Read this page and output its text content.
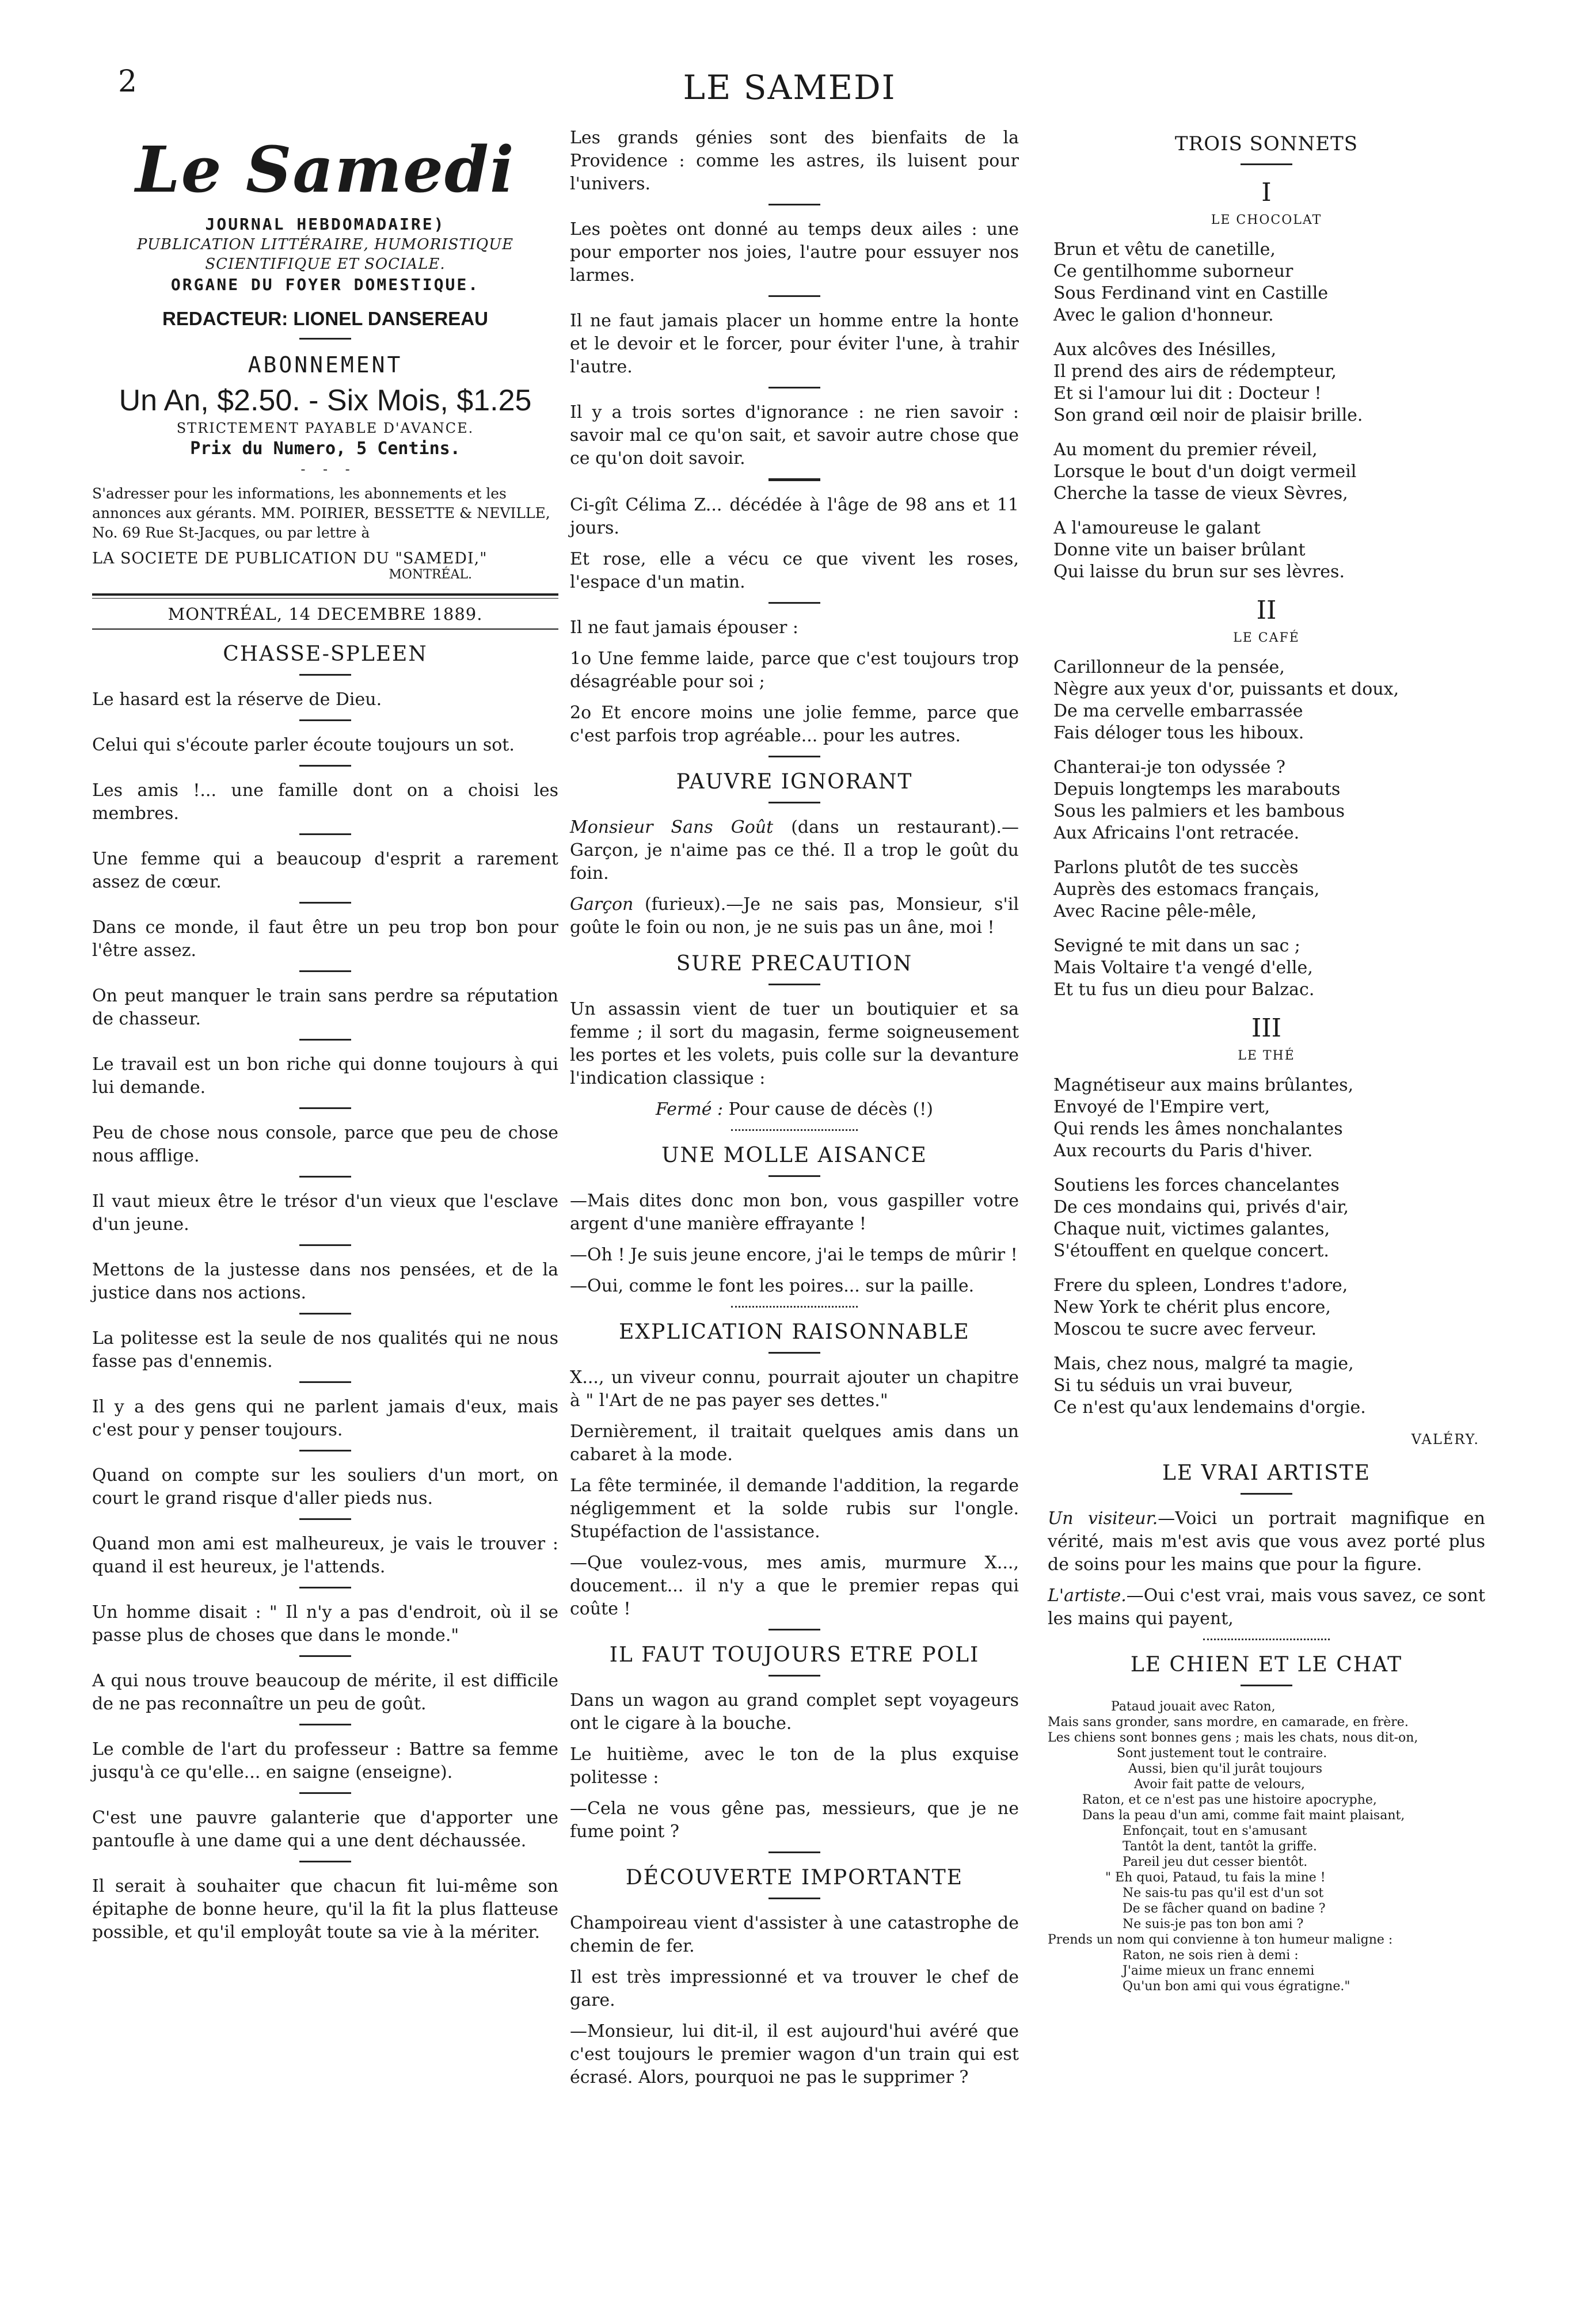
2	LE SAMEDI
Le Samedi
JOURNAL HEBDOMADAIRE)
PUBLICATION LITTÉRAIRE, HUMORISTIQUE
SCIENTIFIQUE ET SOCIALE.
ORGANE DU FOYER DOMESTIQUE.
REDACTEUR: LIONEL DANSEREAU
ABONNEMENT
Un An, $2.50. - Six Mois, $1.25
STRICTEMENT PAYABLE D'AVANCE.
Prix du Numero, 5 Centins.
-    -    -
S'adresser pour les informations, les abonnements et les annonces aux gérants. MM. POIRIER, BESSETTE & NEVILLE, No. 69 Rue St-Jacques, ou par lettre à
LA SOCIETE DE PUBLICATION DU "SAMEDI,"
MONTRÉAL.
MONTRÉAL, 14 DECEMBRE 1889.
CHASSE-SPLEEN

Le hasard est la réserve de Dieu.

Celui qui s'écoute parler écoute toujours un sot.

Les amis !... une famille dont on a choisi les membres.

Une femme qui a beaucoup d'esprit a rarement assez de cœur.

Dans ce monde, il faut être un peu trop bon pour l'être assez.

On peut manquer le train sans perdre sa réputation de chasseur.

Le travail est un bon riche qui donne toujours à qui lui demande.

Peu de chose nous console, parce que peu de chose nous afflige.

Il vaut mieux être le trésor d'un vieux que l'esclave d'un jeune.

Mettons de la justesse dans nos pensées, et de la justice dans nos actions.

La politesse est la seule de nos qualités qui ne nous fasse pas d'ennemis.

Il y a des gens qui ne parlent jamais d'eux, mais c'est pour y penser toujours.

Quand on compte sur les souliers d'un mort, on court le grand risque d'aller pieds nus.

Quand mon ami est malheureux, je vais le trouver : quand il est heureux, je l'attends.

Un homme disait : " Il n'y a pas d'endroit, où il se passe plus de choses que dans le monde."

A qui nous trouve beaucoup de mérite, il est difficile de ne pas reconnaître un peu de goût.

Le comble de l'art du professeur : Battre sa femme jusqu'à ce qu'elle... en saigne (enseigne).

C'est une pauvre galanterie que d'apporter une pantoufle à une dame qui a une dent déchaussée.

Il serait à souhaiter que chacun fit lui-même son épitaphe de bonne heure, qu'il la fit la plus flatteuse possible, et qu'il employât toute sa vie à la mériter.

Les grands génies sont des bienfaits de la Providence : comme les astres, ils luisent pour l'univers.

Les poètes ont donné au temps deux ailes : une pour emporter nos joies, l'autre pour essuyer nos larmes.

Il ne faut jamais placer un homme entre la honte et le devoir et le forcer, pour éviter l'une, à trahir l'autre.

Il y a trois sortes d'ignorance : ne rien savoir : savoir mal ce qu'on sait, et savoir autre chose que ce qu'on doit savoir.

Ci-gît Célima Z... décédée à l'âge de 98 ans et 11 jours.

Et rose, elle a vécu ce que vivent les roses, l'espace d'un matin.

Il ne faut jamais épouser :

1o Une femme laide, parce que c'est toujours trop désagréable pour soi ;

2o Et encore moins une jolie femme, parce que c'est parfois trop agréable... pour les autres.

PAUVRE IGNORANT

Monsieur Sans Goût (dans un restaurant).—Garçon, je n'aime pas ce thé. Il a trop le goût du foin.

Garçon (furieux).—Je ne sais pas, Monsieur, s'il goûte le foin ou non, je ne suis pas un âne, moi !

SURE PRECAUTION

Un assassin vient de tuer un boutiquier et sa femme ; il sort du magasin, ferme soigneusement les portes et les volets, puis colle sur la devanture l'indication classique :

Fermé : Pour cause de décès (!)

UNE MOLLE AISANCE

—Mais dites donc mon bon, vous gaspiller votre argent d'une manière effrayante !

—Oh ! Je suis jeune encore, j'ai le temps de mûrir !

—Oui, comme le font les poires... sur la paille.

EXPLICATION RAISONNABLE

X..., un viveur connu, pourrait ajouter un chapitre à " l'Art de ne pas payer ses dettes."

Dernièrement, il traitait quelques amis dans un cabaret à la mode.

La fête terminée, il demande l'addition, la regarde négligemment et la solde rubis sur l'ongle. Stupéfaction de l'assistance.

—Que voulez-vous, mes amis, murmure X..., doucement... il n'y a que le premier repas qui coûte !

IL FAUT TOUJOURS ETRE POLI

Dans un wagon au grand complet sept voyageurs ont le cigare à la bouche.

Le huitième, avec le ton de la plus exquise politesse :

—Cela ne vous gêne pas, messieurs, que je ne fume point ?

DÉCOUVERTE IMPORTANTE

Champoireau vient d'assister à une catastrophe de chemin de fer.

Il est très impressionné et va trouver le chef de gare.

—Monsieur, lui dit-il, il est aujourd'hui avéré que c'est toujours le premier wagon d'un train qui est écrasé. Alors, pourquoi ne pas le supprimer ?

TROIS SONNETS
I
LE CHOCOLAT
Brun et vêtu de canetille,
Ce gentilhomme suborneur
Sous Ferdinand vint en Castille
Avec le galion d'honneur.
Aux alcôves des Inésilles,
Il prend des airs de rédempteur,
Et si l'amour lui dit : Docteur !
Son grand œil noir de plaisir brille.
Au moment du premier réveil,
Lorsque le bout d'un doigt vermeil
Cherche la tasse de vieux Sèvres,
A l'amoureuse le galant
Donne vite un baiser brûlant
Qui laisse du brun sur ses lèvres.
II
LE CAFÉ
Carillonneur de la pensée,
Nègre aux yeux d'or, puissants et doux,
De ma cervelle embarrassée
Fais déloger tous les hiboux.
Chanterai-je ton odyssée ?
Depuis longtemps les marabouts
Sous les palmiers et les bambous
Aux Africains l'ont retracée.
Parlons plutôt de tes succès
Auprès des estomacs français,
Avec Racine pêle-mêle,
Sevigné te mit dans un sac ;
Mais Voltaire t'a vengé d'elle,
Et tu fus un dieu pour Balzac.
III
LE THÉ
Magnétiseur aux mains brûlantes,
Envoyé de l'Empire vert,
Qui rends les âmes nonchalantes
Aux recourts du Paris d'hiver.
Soutiens les forces chancelantes
De ces mondains qui, privés d'air,
Chaque nuit, victimes galantes,
S'étouffent en quelque concert.
Frere du spleen, Londres t'adore,
New York te chérit plus encore,
Moscou te sucre avec ferveur.
Mais, chez nous, malgré ta magie,
Si tu séduis un vrai buveur,
Ce n'est qu'aux lendemains d'orgie.
VALÉRY.
LE VRAI ARTISTE

Un visiteur.—Voici un portrait magnifique en vérité, mais m'est avis que vous avez porté plus de soins pour les mains que pour la figure.

L'artiste.—Oui c'est vrai, mais vous savez, ce sont les mains qui payent,

LE CHIEN ET LE CHAT
Pataud jouait avec Raton,
Mais sans gronder, sans mordre, en camarade, en frère.
Les chiens sont bonnes gens ; mais les chats, nous dit-on,
Sont justement tout le contraire.
Aussi, bien qu'il jurât toujours
Avoir fait patte de velours,
Raton, et ce n'est pas une histoire apocryphe,
Dans la peau d'un ami, comme fait maint plaisant,
Enfonçait, tout en s'amusant
Tantôt la dent, tantôt la griffe.
Pareil jeu dut cesser bientôt.
" Eh quoi, Pataud, tu fais la mine !
Ne sais-tu pas qu'il est d'un sot
De se fâcher quand on badine ?
Ne suis-je pas ton bon ami ?
Prends un nom qui convienne à ton humeur maligne :
Raton, ne sois rien à demi :
J'aime mieux un franc ennemi
Qu'un bon ami qui vous égratigne."
